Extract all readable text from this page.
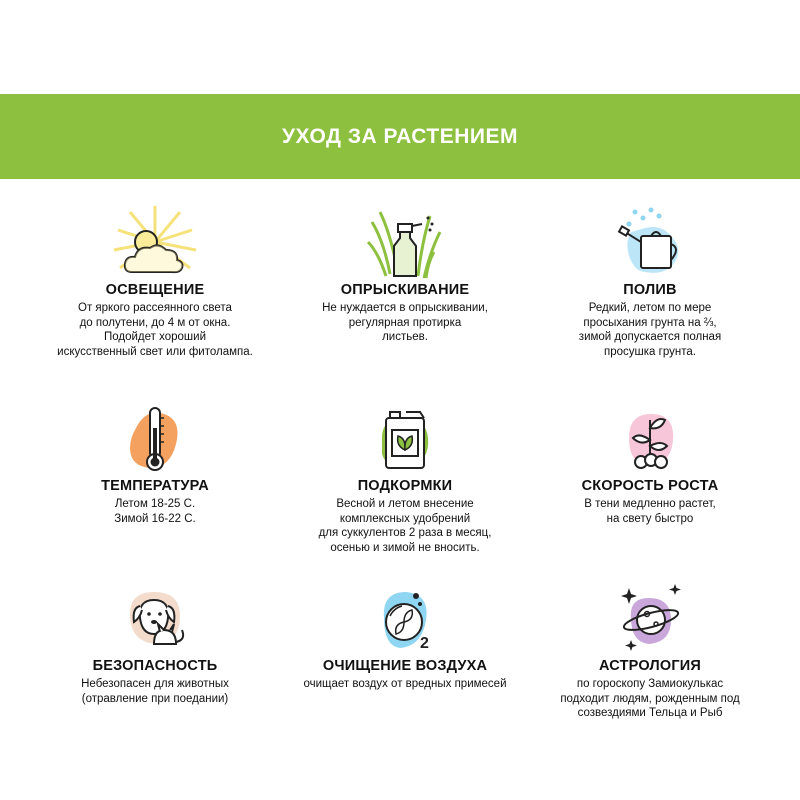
УХОД ЗА РАСТЕНИЕМ
ОСВЕЩЕНИЕ
От яркого рассеянного света
до полутени, до 4 м от окна.
Подойдет хороший
искусственный свет или фитолампа.
ОПРЫСКИВАНИЕ
Не нуждается в опрыскивании,
регулярная протирка
листьев.
ПОЛИВ
Редкий, летом по мере
просыхания грунта на ⅔,
зимой допускается полная
просушка грунта.
ТЕМПЕРАТУРА
Летом 18-25 С.
Зимой 16-22 С.
ПОДКОРМКИ
Весной и летом внесение
комплексных удобрений
для суккулентов 2 раза в месяц,
осенью и зимой не вносить.
СКОРОСТЬ РОСТА
В тени медленно растет,
на свету быстро
БЕЗОПАСНОСТЬ
Небезопасен для животных
(отравление при поедании)
2
ОЧИЩЕНИЕ ВОЗДУХА
очищает воздух от вредных примесей
АСТРОЛОГИЯ
по гороскопу Замиокулькас
подходит людям, рожденным под
созвездиями Тельца и Рыб
